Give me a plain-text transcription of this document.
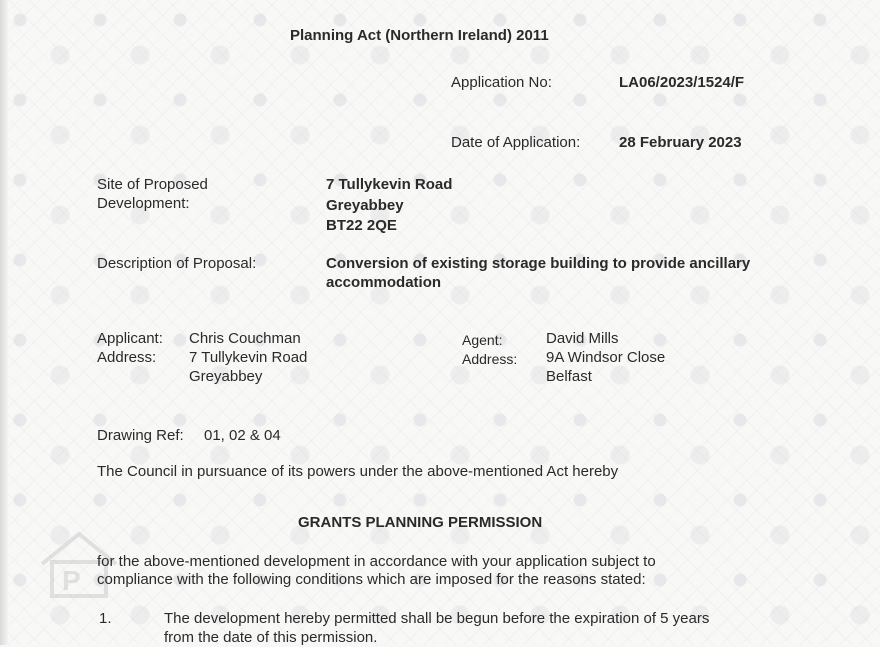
P
Planning Act (Northern Ireland) 2011
Application No:	LA06/2023/1524/F
Date of Application:	28 February 2023
Site of Proposed
Development:
7 Tullykevin Road
Greyabbey
BT22 2QE
Description of Proposal:	Conversion of existing storage building to provide ancillary
accommodation
Applicant: Chris Couchman
Address: 7 Tullykevin Road
Greyabbey
Agent:	David Mills
Address: 9A Windsor Close
Belfast
Drawing Ref: 01, 02 & 04
The Council in pursuance of its powers under the above-mentioned Act hereby
GRANTS PLANNING PERMISSION
for the above-mentioned development in accordance with your application subject to
compliance with the following conditions which are imposed for the reasons stated:
1.	The development hereby permitted shall be begun before the expiration of 5 years
from the date of this permission.
